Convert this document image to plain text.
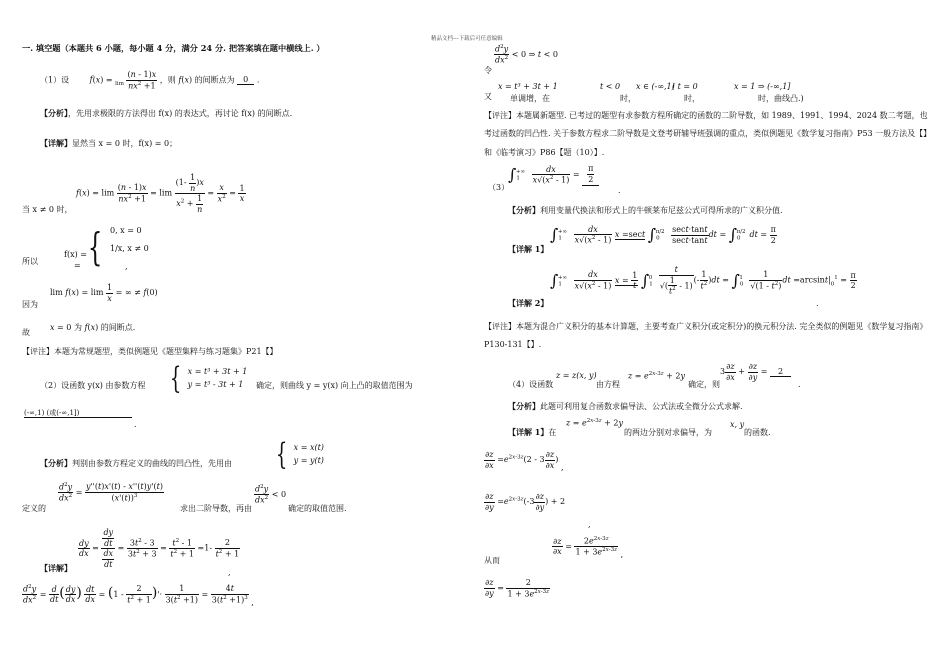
精品文档---下载后可任意编辑
一. 填空题（本题共 6 小题，每小题 4 分，满分 24 分. 把答案填在题中横线上. ）
（1）设	$f(x) = _{lim} \frac{(n - 1)x}{nx^2 +1}$ ，则 f(x) 的间断点为 0 .
【分析】，先用求极限的方法得出 f(x) 的表达式，再讨论 f(x) 的间断点.
【详解】显然当 x = 0 时，f(x) = 0；
$f(x) = \lim \frac{(n - 1)x}{nx^2 +1} = \lim \frac{(1- \frac{1}{n} )x}{x^2 + \frac{1}{n}} = \frac{x}{x^2} = \frac{1}{x}$
当 x ≠ 0 时，
= { 0, x = 0
1/x, x ≠ 0
所以
f(x) =
,
$\lim f(x) = \lim \frac{1}{x}$ = ∞ ≠ f(0)
因为
故
x = 0 为 f(x) 的间断点.
【评注】本题为常规题型，类似例题见《题型集粹与练习题集》P21【】
（2）设函数 y(x) 由参数方程 { x = t³ + 3t + 1
y = t³ - 3t + 1	确定，则曲线 y = y(x) 向上凸的取值范围为
(-∞,1) (或(-∞,1])
.
【分析】判别由参数方程定义的曲线的凹凸性，先用由 { x = x(t)
y = y(t)
定义的
$\frac{d^2y}{dx^2} = \frac{y''(t)x'(t) - x''(t)y'(t)}{(x'(t))^3}$
求出二阶导数，再由
$\frac{d^2y}{dx^2} < 0$
确定的取值范围.
$\frac{dy}{dx} = \frac{\frac{dy}{dt}}{\frac{dx}{dt}} = \frac{3t^2 - 3}{3t^2 + 3} = \frac{t^2 - 1}{t^2 + 1} =1- \frac{2}{t^2 + 1}$
,
【详解】
$\frac{d^2y}{dx^2} = \frac{d}{dt}$ ( $\frac{dy}{dx}$ ) $\frac{dt}{dx} = (1 - \frac{2}{t^2 + 1}$ )'· $\frac{1}{3(t^2 +1)} = \frac{4t}{3(t^2 +1)^3}$ ,
令
$\frac{d^2y}{dx^2} < 0$ ⇒ t < 0
又
x = t³ + 3t + 1
单调增，在
t < 0
时，
x ∈ (-∞,1)
( t = 0
时，
x = 1 ⇒ (-∞,1]
时，曲线凸.)
【评注】本题属新题型. 已考过的题型有求参数方程所确定的函数的二阶导数，如 1989、1991、1994、2024 数二考题，也考过函数的凹凸性. 关于参数方程求二阶导数是文登考研辅导班强调的重点，类似例题见《数学复习指南》P53 一般方法及【】和《临考演习》P86【题（10）】.
（3）
$\int_1^{+\infty} \frac{dx}{x√(x^2 - 1)} = \frac{\pi}{2}$
.
【分析】利用变量代换法和形式上的牛顿莱布尼兹公式可得所求的广义积分值.
【详解 1】
$\int_1^{+\infty} \frac{dx}{x√(x^2 - 1)}$ x =sect $\int_0^{\pi/2} \frac{\sec t\cdot\tan t}{\sec t\cdot\tan t}$ dt = $\int_0^{\pi/2}$ dt = $\frac{\pi}{2}$
$\int_1^{+\infty} \frac{dx}{x√(x^2 - 1)}$ $x = \frac{1}{t} \int_1^0 \frac{t}{√( \frac{1}{t^2} - 1)}$ (- $\frac{1}{t^2} )dt = \int_0^1 \frac{1}{√(1 - t^2)}$ dt $=\arcsin t|_0^1 = \frac{\pi}{2}$
【详解 2】	.
【评注】本题为混合广义积分的基本计算题，主要考查广义积分(或定积分)的换元积分法. 完全类似的例题见《数学复习指南》P130-131【】.
（4）设函数
z = z(x, y)
由方程
$z = e^{2x-3z} + 2y$
确定，则
$3 \frac{\partial z}{\partial x} + \frac{\partial z}{\partial y} = 2$
.
【分析】此题可利用复合函数求偏导法、公式法或全微分公式求解.
【详解 1】在
$z = e^{2x-3z} + 2y$
的两边分别对求偏导，为
x, y
的函数.
$\frac{\partial z}{\partial x} =e^{2x-3z}(2 - 3 \frac{\partial z}{\partial x}$ ) ,
$\frac{\partial z}{\partial y} =e^{2x-3z}(-3 \frac{\partial z}{\partial y}$ ) + 2
,
从而
$\frac{\partial z}{\partial x} = \frac{2e^{2x-3z}}{1 + 3e^{2x-3z}}$ ,
$\frac{\partial z}{\partial y} = \frac{2}{1 + 3e^{2x-3z}}$
